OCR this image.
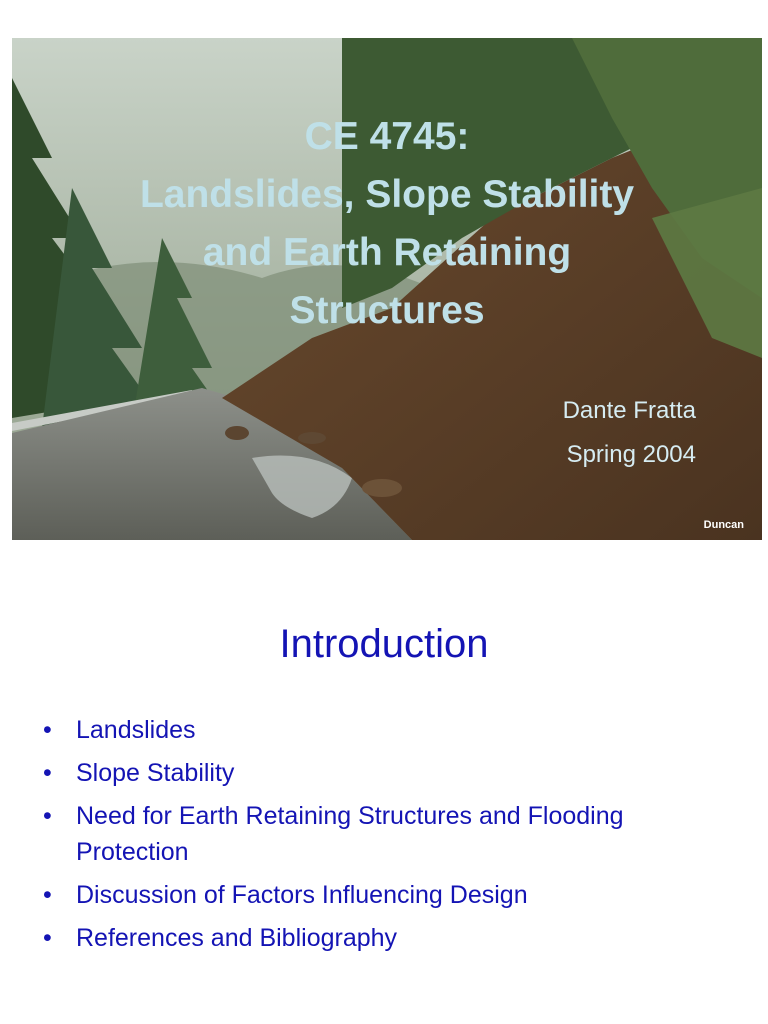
CE 4745:
Landslides, Slope Stability
and Earth Retaining
Structures
Dante Fratta
Spring 2004
Duncan
Introduction
• Landslides
• Slope Stability
• Need for Earth Retaining Structures and Flooding Protection
• Discussion of Factors Influencing Design
• References and Bibliography
